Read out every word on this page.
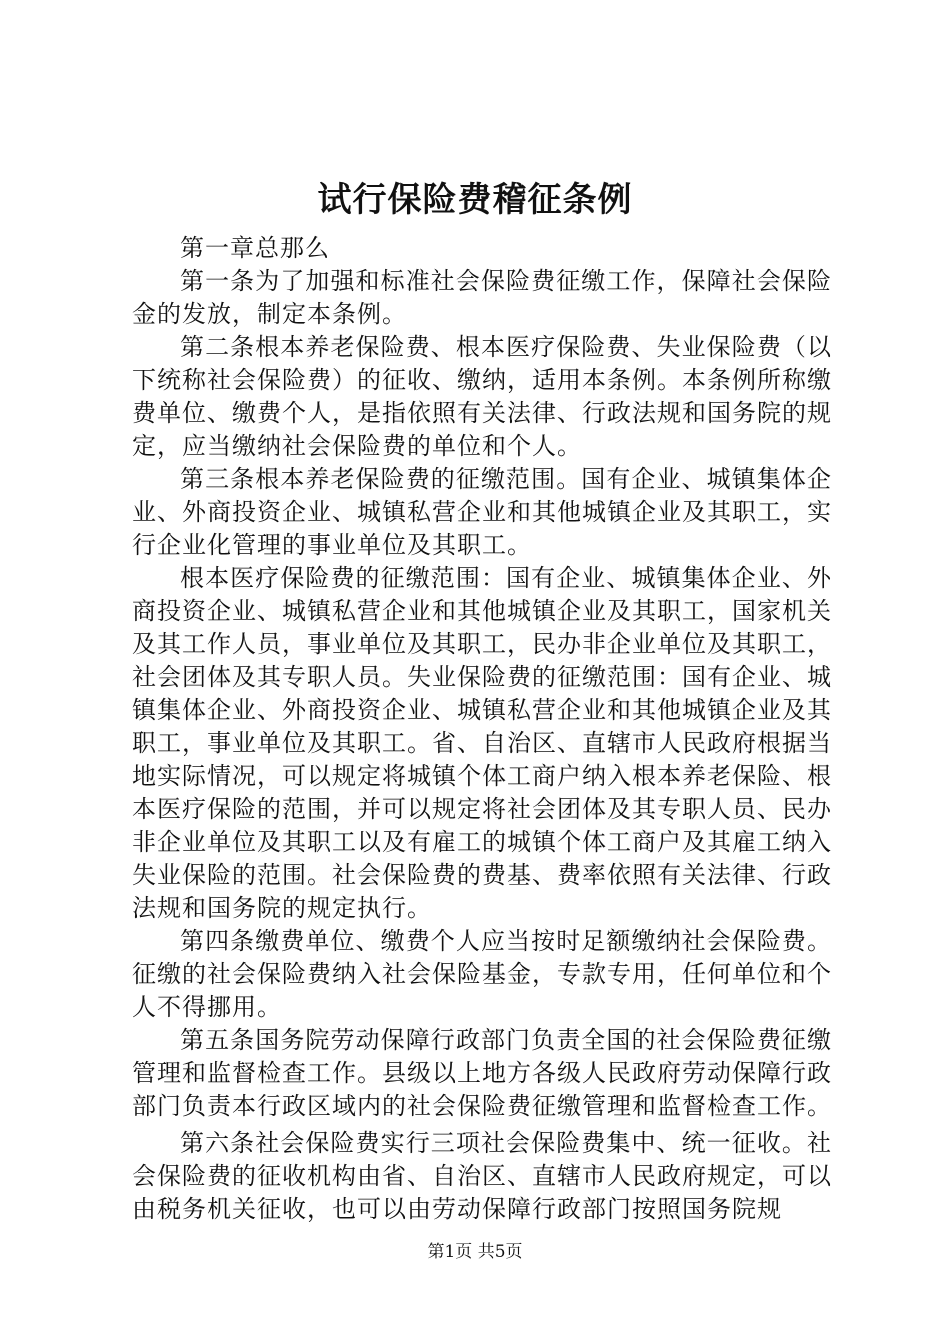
试行保险费稽征条例

第一章总那么

第一条为了加强和标准社会保险费征缴工作，保障社会保险金的发放，制定本条例。

第二条根本养老保险费、根本医疗保险费、失业保险费（以下统称社会保险费）的征收、缴纳，适用本条例。本条例所称缴费单位、缴费个人，是指依照有关法律、行政法规和国务院的规定，应当缴纳社会保险费的单位和个人。

第三条根本养老保险费的征缴范围。国有企业、城镇集体企业、外商投资企业、城镇私营企业和其他城镇企业及其职工，实行企业化管理的事业单位及其职工。

根本医疗保险费的征缴范围：国有企业、城镇集体企业、外商投资企业、城镇私营企业和其他城镇企业及其职工，国家机关及其工作人员，事业单位及其职工，民办非企业单位及其职工，社会团体及其专职人员。失业保险费的征缴范围：国有企业、城镇集体企业、外商投资企业、城镇私营企业和其他城镇企业及其职工，事业单位及其职工。省、自治区、直辖市人民政府根据当地实际情况，可以规定将城镇个体工商户纳入根本养老保险、根本医疗保险的范围，并可以规定将社会团体及其专职人员、民办非企业单位及其职工以及有雇工的城镇个体工商户及其雇工纳入失业保险的范围。社会保险费的费基、费率依照有关法律、行政法规和国务院的规定执行。

第四条缴费单位、缴费个人应当按时足额缴纳社会保险费。征缴的社会保险费纳入社会保险基金，专款专用，任何单位和个人不得挪用。

第五条国务院劳动保障行政部门负责全国的社会保险费征缴管理和监督检查工作。县级以上地方各级人民政府劳动保障行政部门负责本行政区域内的社会保险费征缴管理和监督检查工作。

第六条社会保险费实行三项社会保险费集中、统一征收。社会保险费的征收机构由省、自治区、直辖市人民政府规定，可以由税务机关征收，也可以由劳动保障行政部门按照国务院规

第1页 共5页
